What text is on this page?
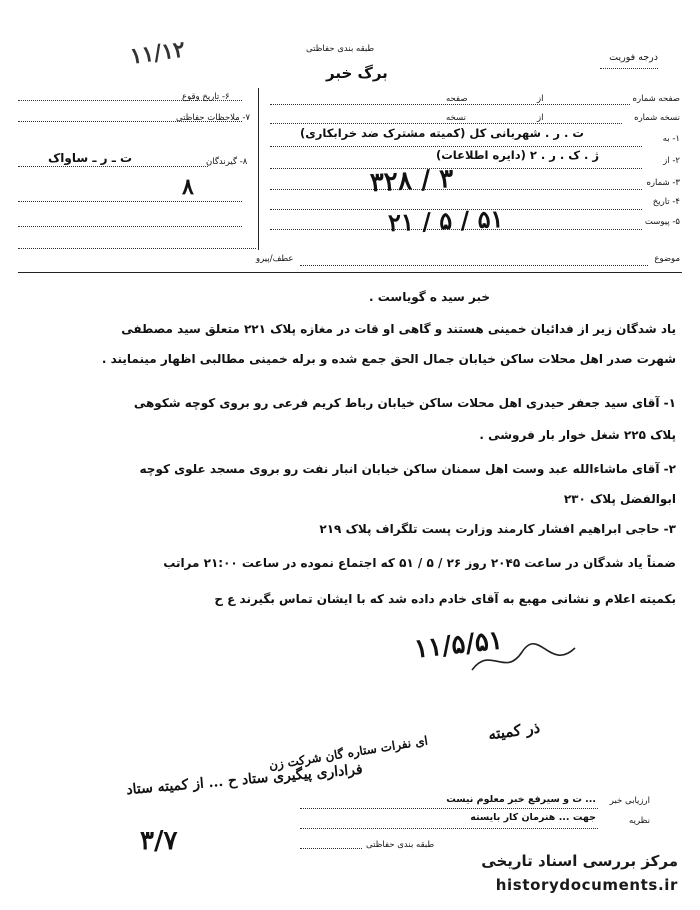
درجه فوریت
طبقه بندی حفاظتی
برگ خبر
۱۱/۱۲
۶- تاریخ وقوع
۷- ملاحظات حفاظتی
۸- گیرندگان
ت ـ ر ـ ساواک
۸
صفحه شماره
از
صفحه
نسخه شماره
از
نسخه
۱- به
ت . ر . شهربانی کل (کمیته مشترک ضد خرابکاری)
۲- از
ژ . ک . ر . ۲ (دایره اطلاعات)
۳- شماره
۴- تاریخ
۵- پیوست
۳۲۸ / ۳
۲۱ / ۵ / ۵۱
عطف/پیرو	موضوع
خبر سید ه گویاست .
یاد شدگان زیر از فدائیان خمینی هستند و گاهی او قات در مغازه پلاک ۲۲۱ متعلق سید مصطفی
شهرت صدر اهل محلات ساکن خیابان جمال الحق جمع شده و برله خمینی مطالبی اظهار مینمایند .
۱- آقای سید جعفر حیدری اهل محلات ساکن خیابان رباط کریم فرعی رو بروی کوچه شکوهی
پلاک ۲۲۵ شغل خوار بار فروشی .
۲- آقای ماشاءالله عبد وست اهل سمنان ساکن خیابان انبار نفت رو بروی مسجد علوی کوچه
ابوالفضل پلاک ۲۳۰
۳- حاجی ابراهیم افشار کارمند وزارت پست تلگراف پلاک ۲۱۹
ضمناً یاد شدگان در ساعت ۲۰۴۵ روز ۲۶ / ۵ / ۵۱ که اجتماع نموده در ساعت ۲۱:۰۰ مراتب
بکمیته اعلام و نشانی مهبع به آقای خادم داده شد که با ایشان تماس بگیرند ع ح
۱۱/۵/۵۱
ذر کمیته
ای نفرات ستاره گان شرکت زن
فراداری پیگیری ستاد ح ... از کمیته ستاد
۳/۷
ارزیابی خبر
... ت و سیرفع خبر معلوم نیست
نظریه
جهت ... هنرمان کار بایسته
طبقه بندی حفاظتی
مرکز بررسی اسناد تاریخی
historydocuments.ir
